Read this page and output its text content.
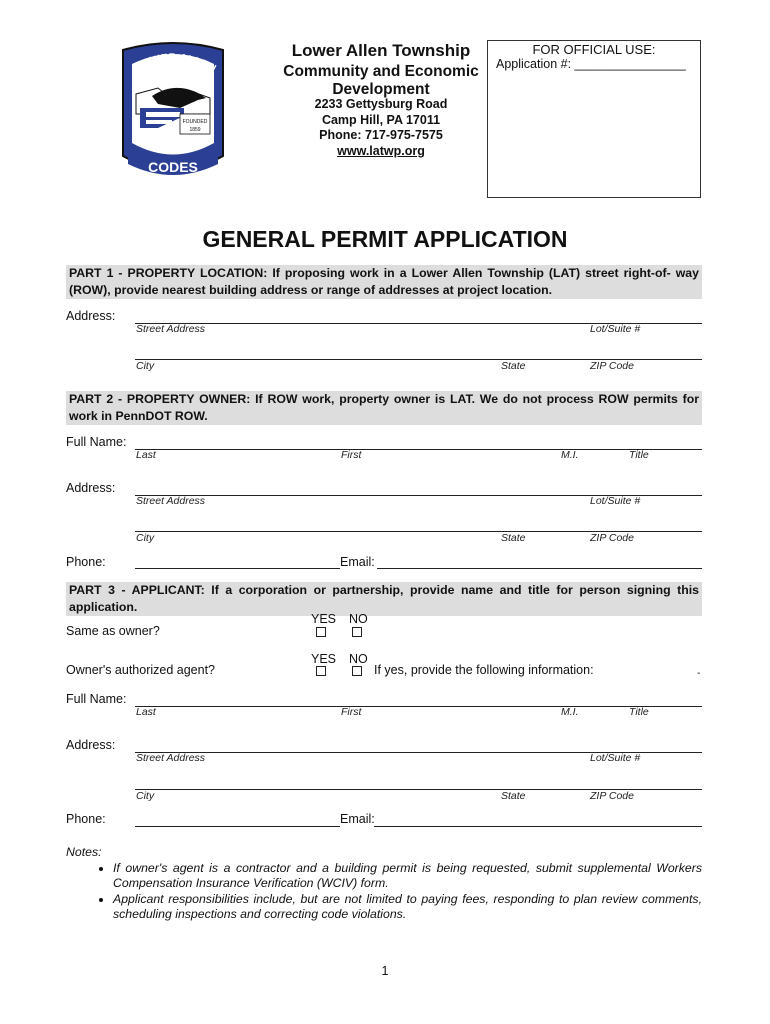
LOWER ALLEN
FOUNDED
1859
CODES
Lower Allen Township
Community and Economic
Development
2233 Gettysburg Road
Camp Hill, PA 17011
Phone: 717-975-7575
www.latwp.org
FOR OFFICIAL USE:
Application #: ________________
GENERAL PERMIT APPLICATION
PART 1 - PROPERTY LOCATION: If proposing work in a Lower Allen Township (LAT) street right-of- way (ROW), provide nearest building address or range of addresses at project location.
Address:
Street Address	Lot/Suite #
City	State	ZIP Code
PART 2 - PROPERTY OWNER: If ROW work, property owner is LAT. We do not process ROW permits for work in PennDOT ROW.
Full Name:
Last	First	M.I.	Title
Address:
Street Address	Lot/Suite #
City	State	ZIP Code
Phone:	Email:
PART 3 - APPLICANT: If a corporation or partnership, provide name and title for person signing this application.
YES NO
Same as owner?
YES NO
Owner's authorized agent?	If yes, provide the following information:	-
Full Name:
Last	First	M.I.	Title
Address:
Street Address	Lot/Suite #
City	State	ZIP Code
Phone:	Email:
Notes:
• If owner's agent is a contractor and a building permit is being requested, submit supplemental Workers Compensation Insurance Verification (WCIV) form.
• Applicant responsibilities include, but are not limited to paying fees, responding to plan review comments, scheduling inspections and correcting code violations.
1
